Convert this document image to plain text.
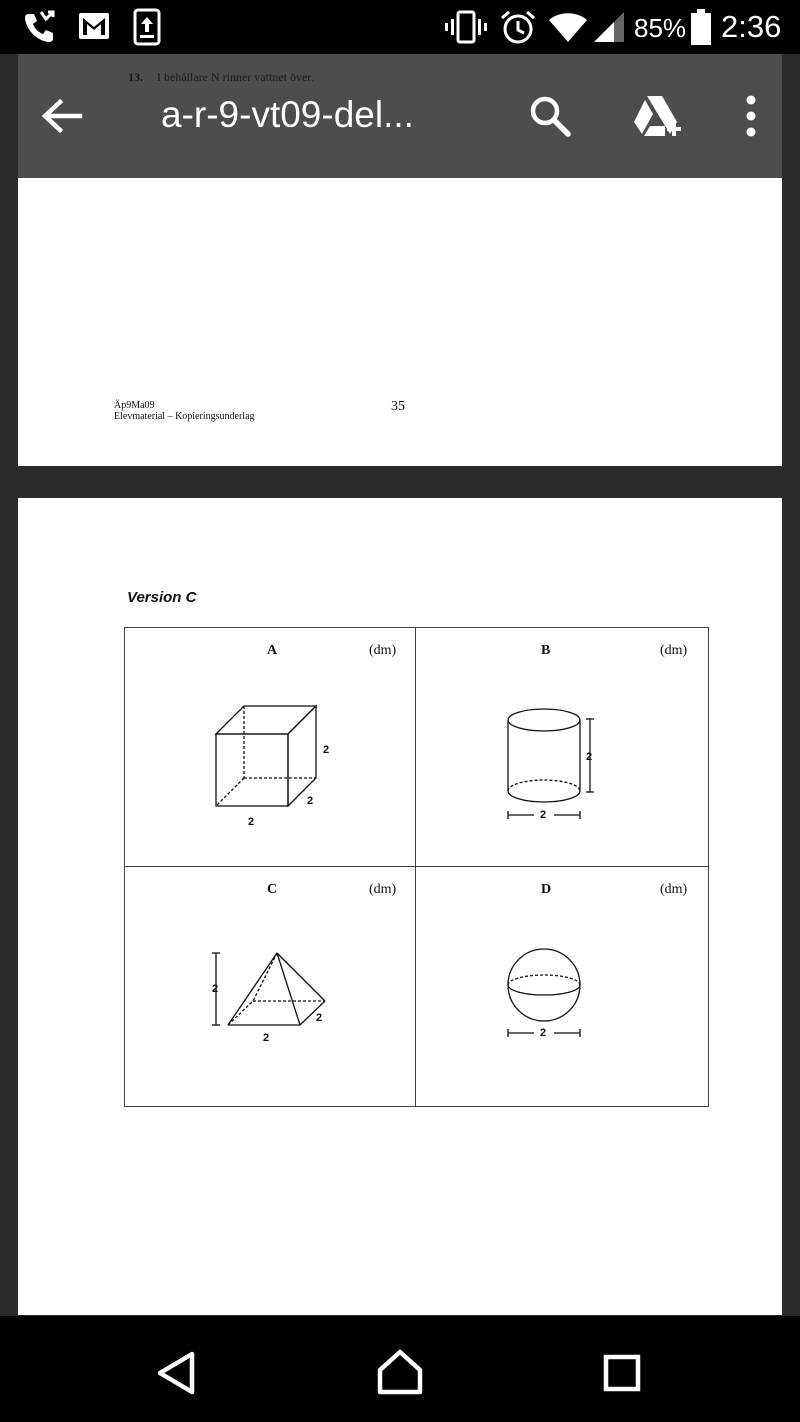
85% 2:36
Äp9Ma09
Elevmaterial – Kopieringsunderlag
35
13. I behållare N rinner vattnet över.
a-r-9-vt09-del...
Version C
A	(dm)
2
2
2
B	(dm)
2
2
C	(dm)
2
2
2
D	(dm)
2
